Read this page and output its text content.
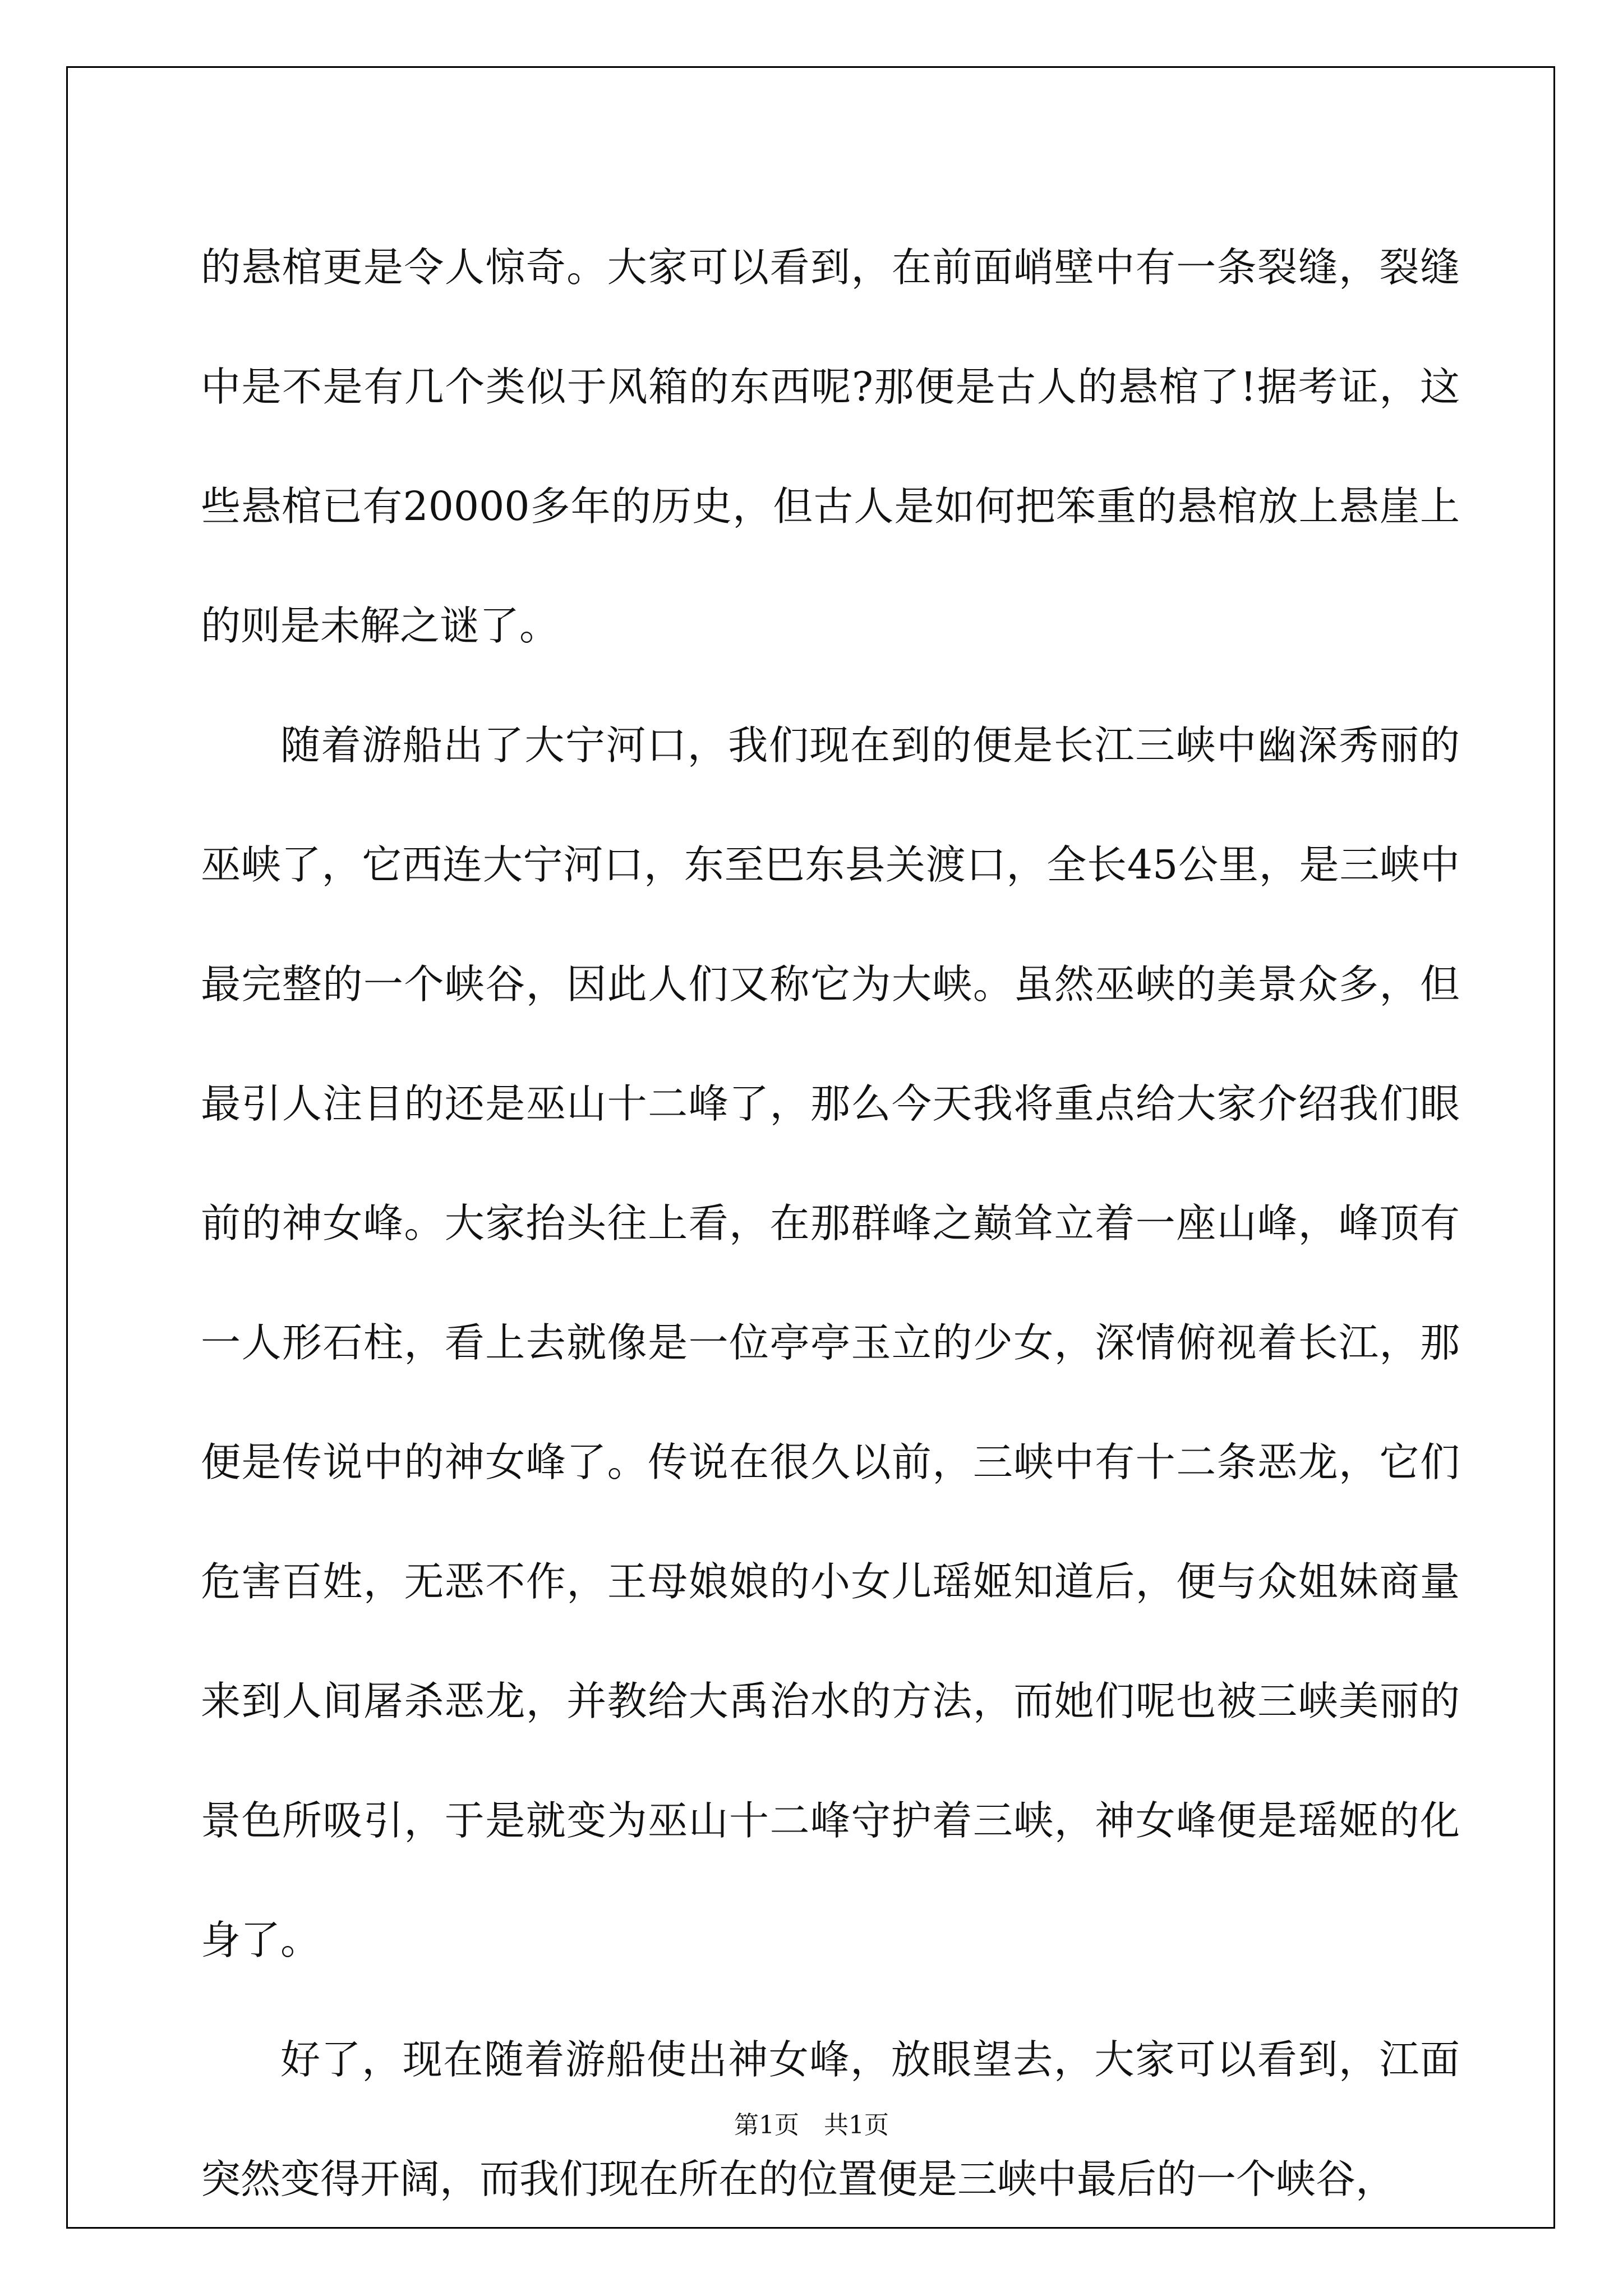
的悬棺更是令人惊奇。大家可以看到，在前面峭壁中有一条裂缝，裂缝中是不是有几个类似于风箱的东西呢?那便是古人的悬棺了!据考证，这些悬棺已有20000多年的历史，但古人是如何把笨重的悬棺放上悬崖上的则是未解之谜了。

随着游船出了大宁河口，我们现在到的便是长江三峡中幽深秀丽的巫峡了，它西连大宁河口，东至巴东县关渡口，全长45公里，是三峡中最完整的一个峡谷，因此人们又称它为大峡。虽然巫峡的美景众多，但最引人注目的还是巫山十二峰了，那么今天我将重点给大家介绍我们眼前的神女峰。大家抬头往上看，在那群峰之巅耸立着一座山峰，峰顶有一人形石柱，看上去就像是一位亭亭玉立的少女，深情俯视着长江，那便是传说中的神女峰了。传说在很久以前，三峡中有十二条恶龙，它们危害百姓，无恶不作，王母娘娘的小女儿瑶姬知道后，便与众姐妹商量来到人间屠杀恶龙，并教给大禹治水的方法，而她们呢也被三峡美丽的景色所吸引，于是就变为巫山十二峰守护着三峡，神女峰便是瑶姬的化身了。

好了，现在随着游船使出神女峰，放眼望去，大家可以看到，江面突然变得开阔，而我们现在所在的位置便是三峡中最后的一个峡谷，

第1页　共1页
